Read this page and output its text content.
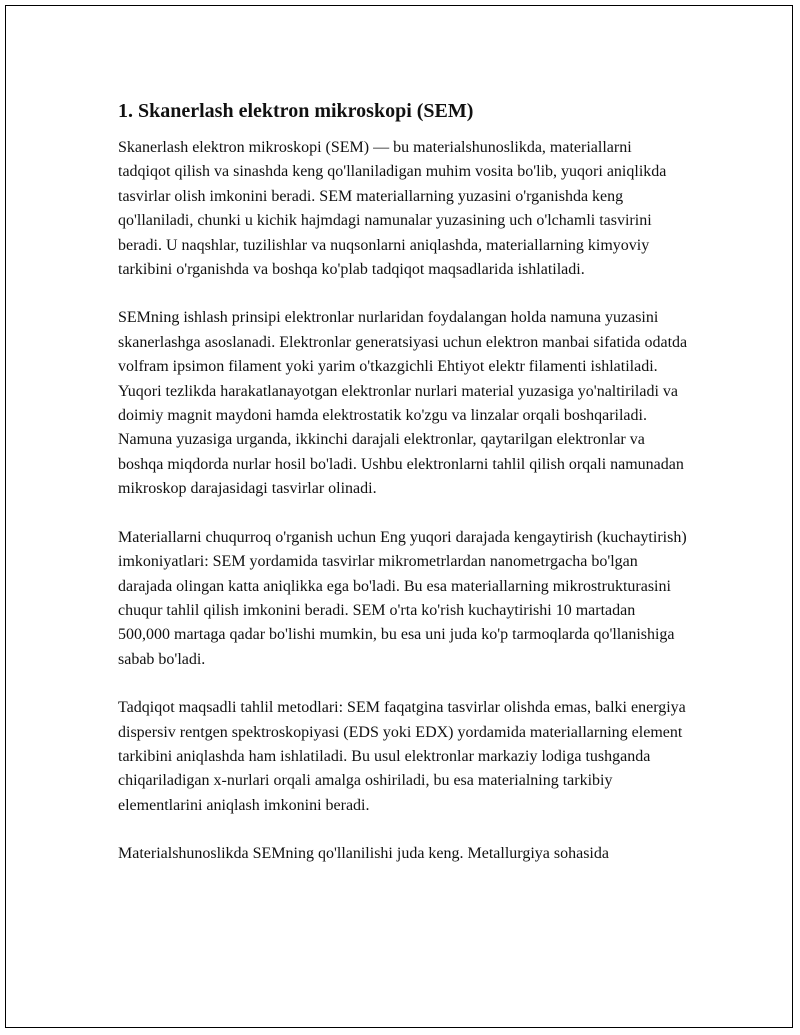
1. Skanerlash elektron mikroskopi (SEM)

Skanerlash elektron mikroskopi (SEM) — bu materialshunoslikda, materiallarni tadqiqot qilish va sinashda keng qo'llaniladigan muhim vosita bo'lib, yuqori aniqlikda tasvirlar olish imkonini beradi. SEM materiallarning yuzasini o'rganishda keng qo'llaniladi, chunki u kichik hajmdagi namunalar yuzasining uch o'lchamli tasvirini beradi. U naqshlar, tuzilishlar va nuqsonlarni aniqlashda, materiallarning kimyoviy tarkibini o'rganishda va boshqa ko'plab tadqiqot maqsadlarida ishlatiladi.

SEMning ishlash prinsipi elektronlar nurlaridan foydalangan holda namuna yuzasini skanerlashga asoslanadi. Elektronlar generatsiyasi uchun elektron manbai sifatida odatda volfram ipsimon filament yoki yarim o'tkazgichli Ehtiyot elektr filamenti ishlatiladi. Yuqori tezlikda harakatlanayotgan elektronlar nurlari material yuzasiga yo'naltiriladi va doimiy magnit maydoni hamda elektrostatik ko'zgu va linzalar orqali boshqariladi. Namuna yuzasiga urganda, ikkinchi darajali elektronlar, qaytarilgan elektronlar va boshqa miqdorda nurlar hosil bo'ladi. Ushbu elektronlarni tahlil qilish orqali namunadan mikroskop darajasidagi tasvirlar olinadi.

Materiallarni chuqurroq o'rganish uchun Eng yuqori darajada kengaytirish (kuchaytirish) imkoniyatlari: SEM yordamida tasvirlar mikrometrlardan nanometrgacha bo'lgan darajada olingan katta aniqlikka ega bo'ladi. Bu esa materiallarning mikrostrukturasini chuqur tahlil qilish imkonini beradi. SEM o'rta ko'rish kuchaytirishi 10 martadan 500,000 martaga qadar bo'lishi mumkin, bu esa uni juda ko'p tarmoqlarda qo'llanishiga sabab bo'ladi.

Tadqiqot maqsadli tahlil metodlari: SEM faqatgina tasvirlar olishda emas, balki energiya dispersiv rentgen spektroskopiyasi (EDS yoki EDX) yordamida materiallarning element tarkibini aniqlashda ham ishlatiladi. Bu usul elektronlar markaziy lodiga tushganda chiqariladigan x-nurlari orqali amalga oshiriladi, bu esa materialning tarkibiy elementlarini aniqlash imkonini beradi.

Materialshunoslikda SEMning qo'llanilishi juda keng. Metallurgiya sohasida
